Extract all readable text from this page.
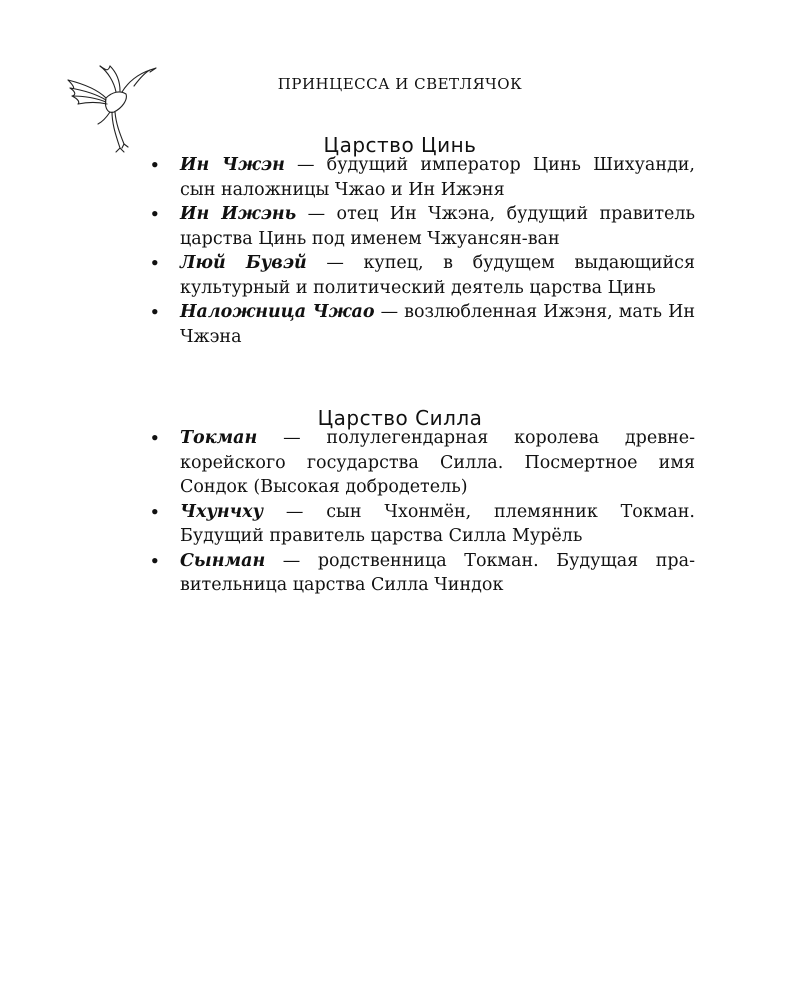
ПРИНЦЕССА И СВЕТЛЯЧОК
Царство Цинь
• Ин Чжэн — будущий император Цинь Шихуанди, сын наложницы Чжао и Ин Ижэня
• Ин Ижэнь — отец Ин Чжэна, будущий правитель царства Цинь под именем Чжуансян-ван
• Люй Бувэй — купец, в будущем выдающийся культурный и политический деятель царства Цинь
• Наложница Чжао — возлюбленная Ижэня, мать Ин Чжэна
Царство Силла
• Токман — полулегендарная королева древнекорейского государства Силла. Посмертное имя Сондок (Высокая добродетель)
• Чхунчху — сын Чхонмён, племянник Токман. Будущий правитель царства Силла Мурёль
• Сынман — родственница Токман. Будущая правительница царства Силла Чиндок
